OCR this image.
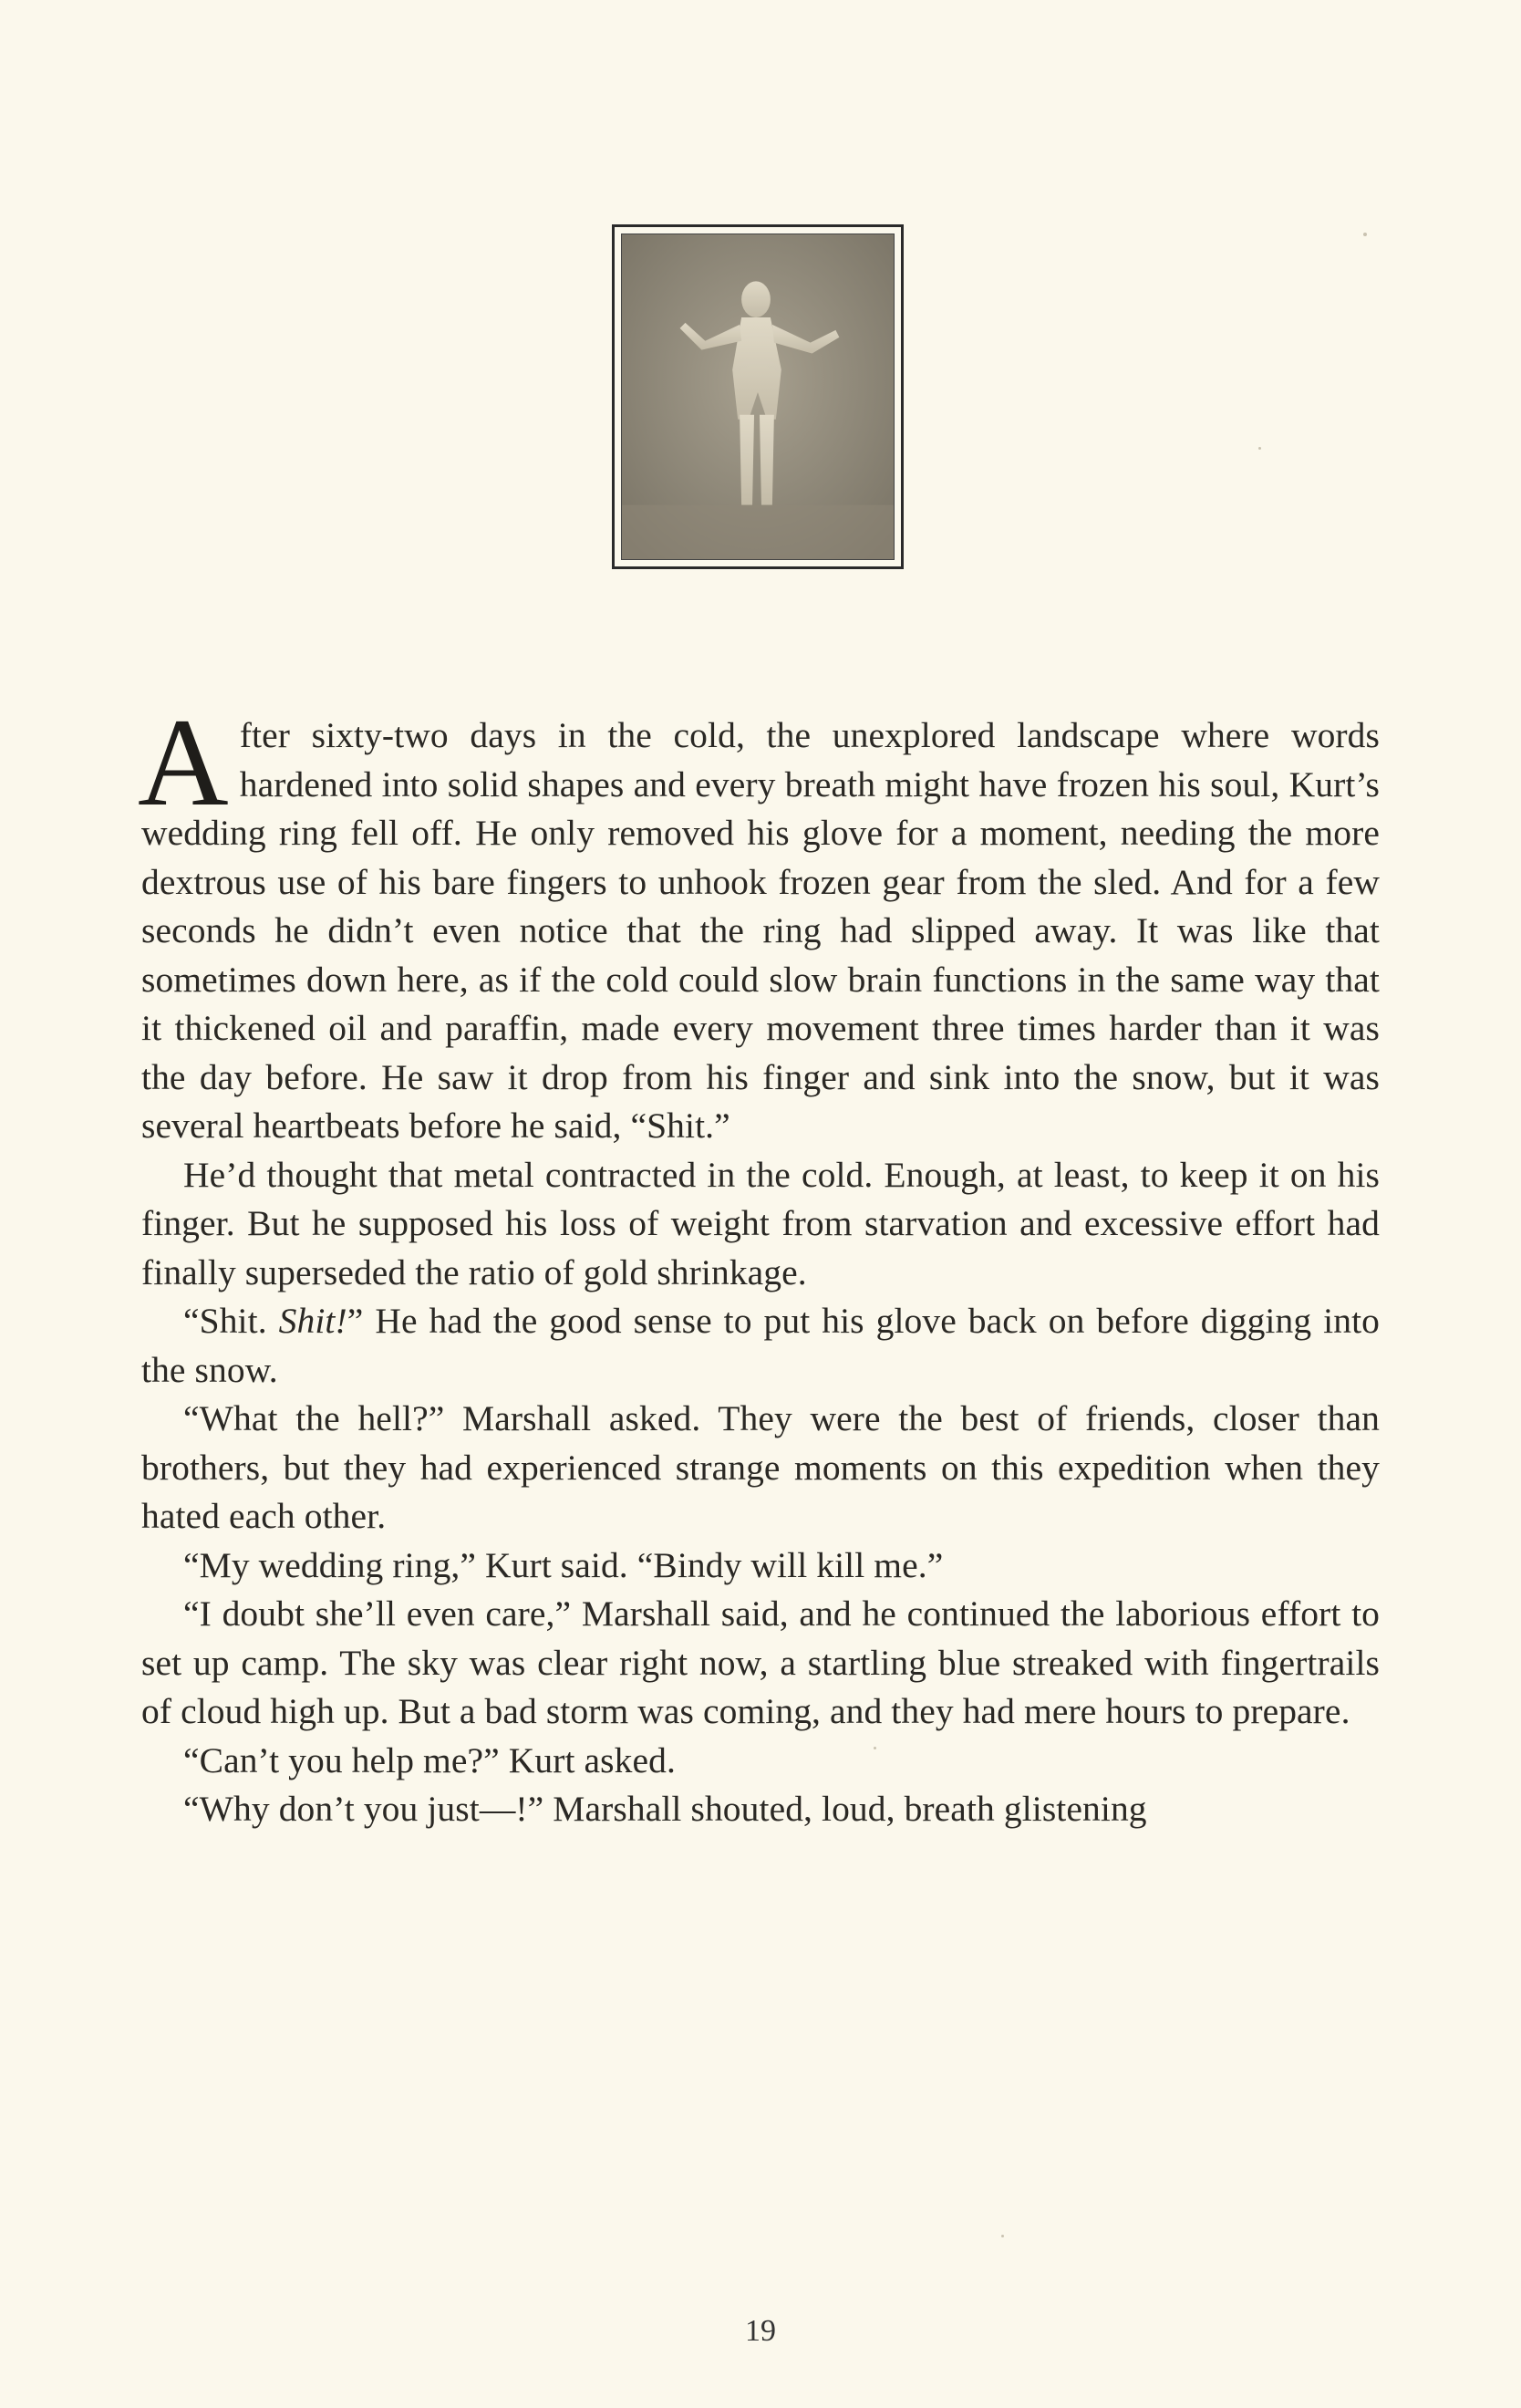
After sixty-two days in the cold, the unexplored landscape where words hardened into solid shapes and every breath might have frozen his soul, Kurt’s wedding ring fell off. He only removed his glove for a moment, needing the more dextrous use of his bare fingers to unhook frozen gear from the sled. And for a few seconds he didn’t even notice that the ring had slipped away. It was like that sometimes down here, as if the cold could slow brain functions in the same way that it thickened oil and paraffin, made every movement three times harder than it was the day before. He saw it drop from his finger and sink into the snow, but it was several heartbeats before he said, “Shit.”

He’d thought that metal contracted in the cold. Enough, at least, to keep it on his finger. But he supposed his loss of weight from starvation and excessive effort had finally superseded the ratio of gold shrinkage.

“Shit. Shit!” He had the good sense to put his glove back on before digging into the snow.

“What the hell?” Marshall asked. They were the best of friends, closer than brothers, but they had experienced strange moments on this expedition when they hated each other.

“My wedding ring,” Kurt said. “Bindy will kill me.”

“I doubt she’ll even care,” Marshall said, and he continued the laborious effort to set up camp. The sky was clear right now, a startling blue streaked with fingertrails of cloud high up. But a bad storm was coming, and they had mere hours to prepare.

“Can’t you help me?” Kurt asked.

“Why don’t you just—!” Marshall shouted, loud, breath glistening

19
